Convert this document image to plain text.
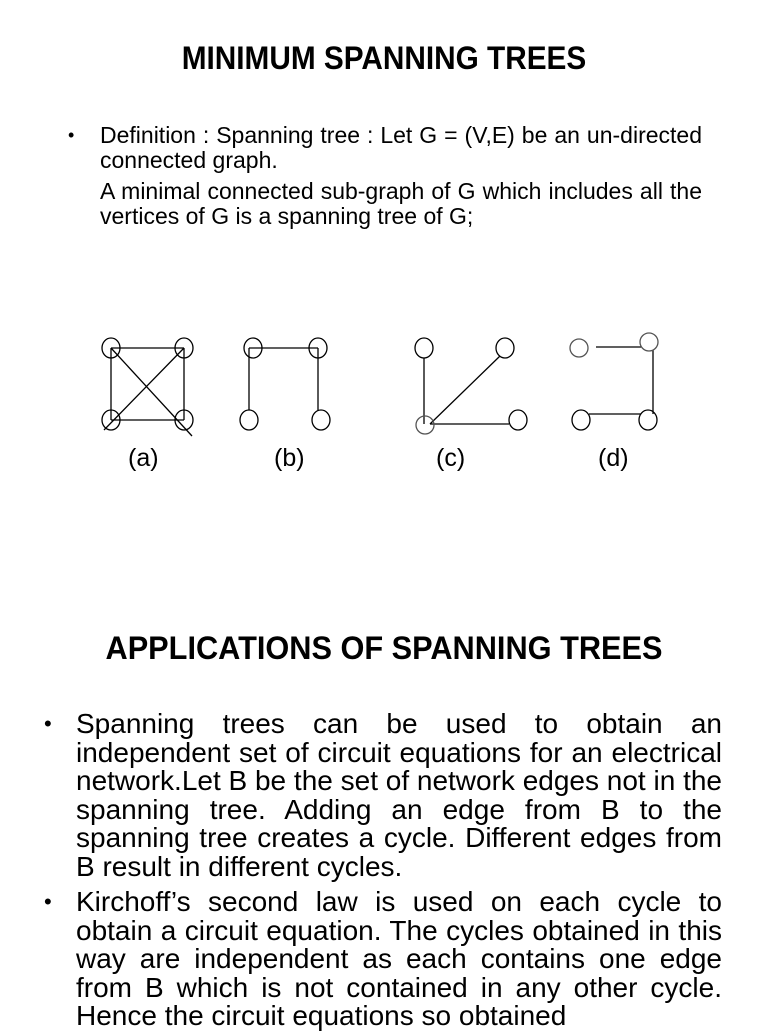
MINIMUM SPANNING TREES
• Definition : Spanning tree : Let G = (V,E) be an un-directed connected graph.

A minimal connected sub-graph of G which includes all the vertices of G is a spanning tree of G;

(a)	(b)	(c)	(d)
APPLICATIONS OF SPANNING TREES
• Spanning trees can be used to obtain an independent set of circuit equations for an electrical network.Let B be the set of network edges not in the spanning tree. Adding an edge from B to the spanning tree creates a cycle. Different edges from B result in different cycles.
• Kirchoff’s second law is used on each cycle to obtain a circuit equation. The cycles obtained in this way are independent as each contains one edge from B which is not contained in any other cycle. Hence the circuit equations so obtained
